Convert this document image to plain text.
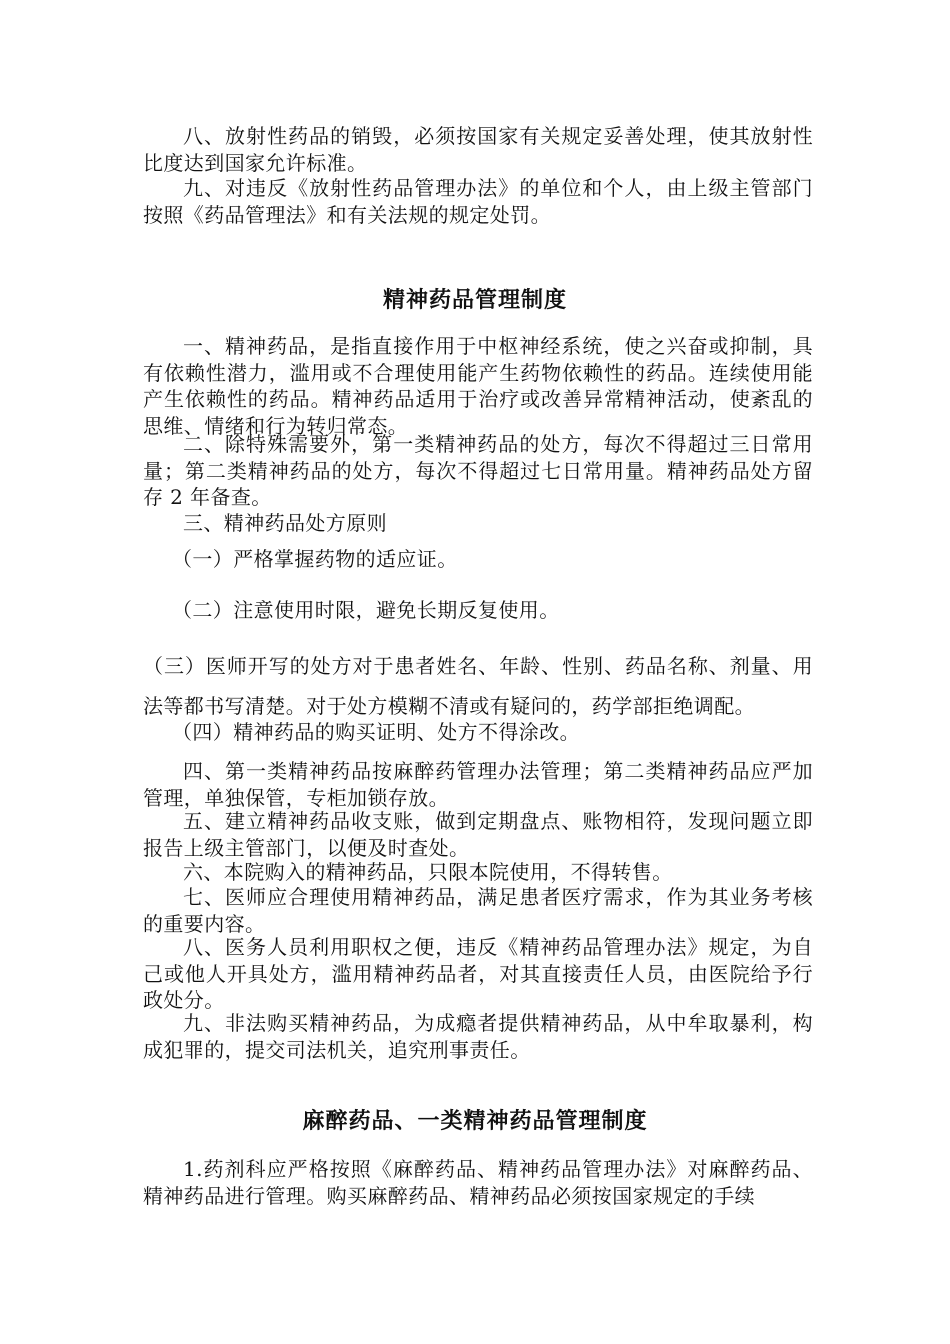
八、放射性药品的销毁，必须按国家有关规定妥善处理，使其放射性比度达到国家允许标准。

九、对违反《放射性药品管理办法》的单位和个人，由上级主管部门按照《药品管理法》和有关法规的规定处罚。

精神药品管理制度

一、精神药品，是指直接作用于中枢神经系统，使之兴奋或抑制，具有依赖性潜力，滥用或不合理使用能产生药物依赖性的药品。连续使用能产生依赖性的药品。精神药品适用于治疗或改善异常精神活动，使紊乱的思维、情绪和行为转归常态。

二、除特殊需要外，第一类精神药品的处方，每次不得超过三日常用量；第二类精神药品的处方，每次不得超过七日常用量。精神药品处方留存 2 年备查。

三、精神药品处方原则

（一）严格掌握药物的适应证。

（二）注意使用时限，避免长期反复使用。

（三）医师开写的处方对于患者姓名、年龄、性别、药品名称、剂量、用法等都书写清楚。对于处方模糊不清或有疑问的，药学部拒绝调配。

（四）精神药品的购买证明、处方不得涂改。

四、第一类精神药品按麻醉药管理办法管理；第二类精神药品应严加管理，单独保管，专柜加锁存放。

五、建立精神药品收支账，做到定期盘点、账物相符，发现问题立即报告上级主管部门，以便及时查处。

六、本院购入的精神药品，只限本院使用，不得转售。

七、医师应合理使用精神药品，满足患者医疗需求，作为其业务考核的重要内容。

八、医务人员利用职权之便，违反《精神药品管理办法》规定，为自己或他人开具处方，滥用精神药品者，对其直接责任人员，由医院给予行政处分。

九、非法购买精神药品，为成瘾者提供精神药品，从中牟取暴利，构成犯罪的，提交司法机关，追究刑事责任。

麻醉药品、一类精神药品管理制度

1.药剂科应严格按照《麻醉药品、精神药品管理办法》对麻醉药品、精神药品进行管理。购买麻醉药品、精神药品必须按国家规定的手续
